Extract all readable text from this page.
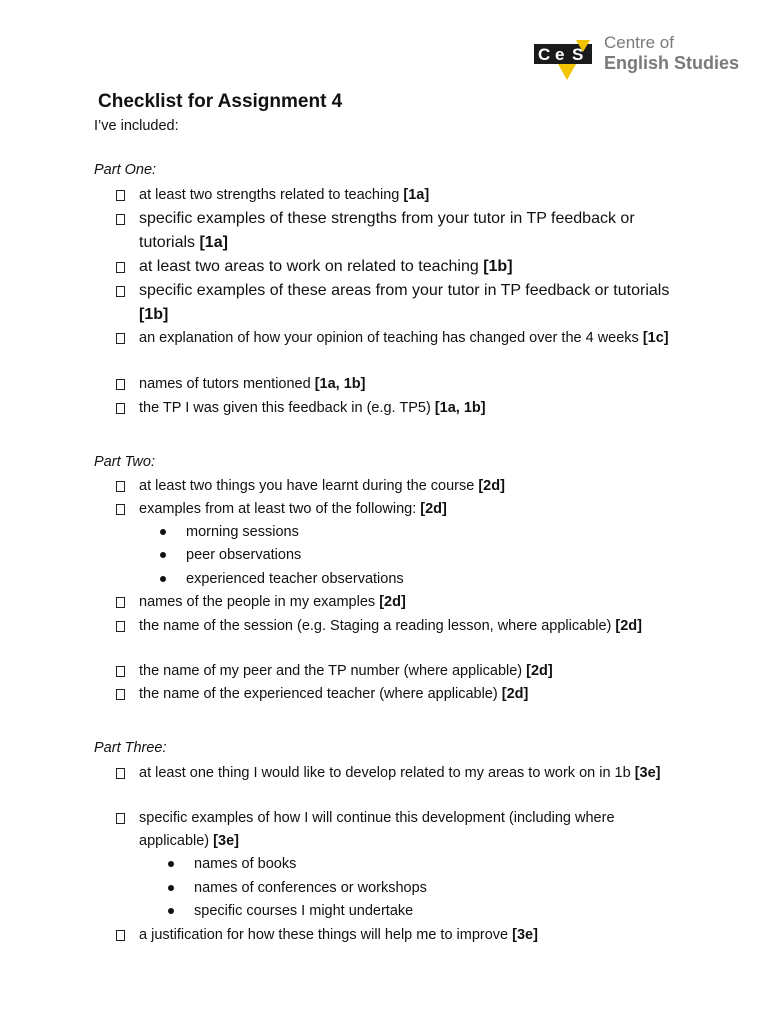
C e S
Centre of
English Studies
Checklist for Assignment 4
I’ve included:
Part One:
at least two strengths related to teaching [1a]
specific examples of these strengths from your tutor in TP feedback or tutorials [1a]
at least two areas to work on related to teaching [1b]
specific examples of these areas from your tutor in TP feedback or tutorials [1b]
an explanation of how your opinion of teaching has changed over the 4 weeks [1c]
names of tutors mentioned [1a, 1b]
the TP I was given this feedback in (e.g. TP5) [1a, 1b]
Part Two:
at least two things you have learnt during the course [2d]
examples from at least two of the following: [2d]
morning sessions
peer observations
experienced teacher observations
names of the people in my examples [2d]
the name of the session (e.g. Staging a reading lesson, where applicable) [2d]
the name of my peer and the TP number (where applicable) [2d]
the name of the experienced teacher (where applicable) [2d]
Part Three:
at least one thing I would like to develop related to my areas to work on in 1b [3e]
specific examples of how I will continue this development (including where applicable) [3e]
names of books
names of conferences or workshops
specific courses I might undertake
a justification for how these things will help me to improve [3e]
